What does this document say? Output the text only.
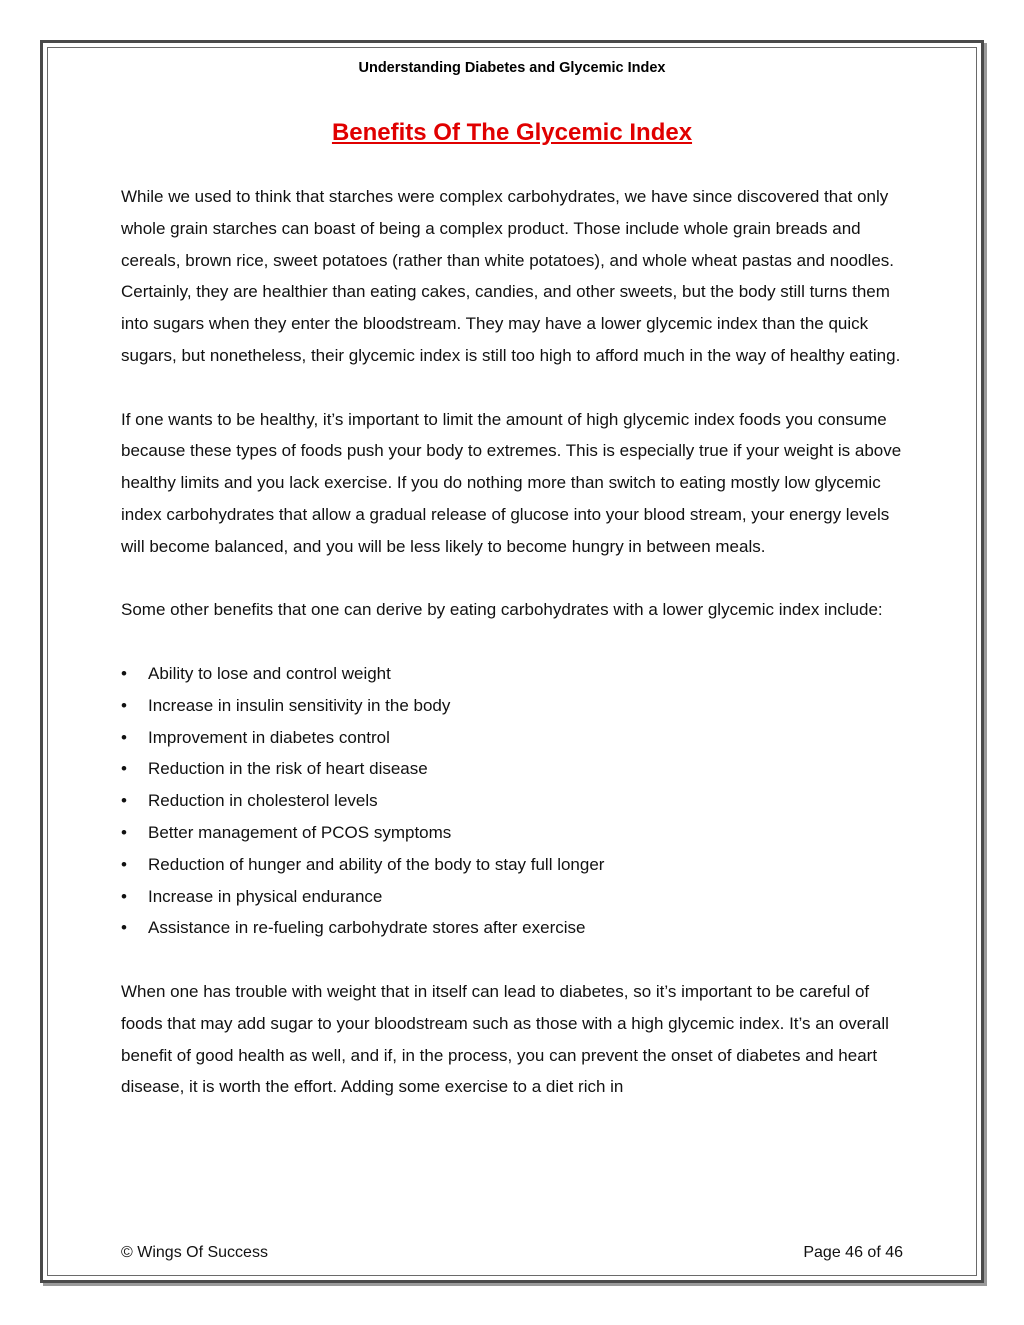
Understanding Diabetes and Glycemic Index
Benefits Of The Glycemic Index

While we used to think that starches were complex carbohydrates, we have since discovered that only whole grain starches can boast of being a complex product. Those include whole grain breads and cereals, brown rice, sweet potatoes (rather than white potatoes), and whole wheat pastas and noodles. Certainly, they are healthier than eating cakes, candies, and other sweets, but the body still turns them into sugars when they enter the bloodstream. They may have a lower glycemic index than the quick sugars, but nonetheless, their glycemic index is still too high to afford much in the way of healthy eating.

If one wants to be healthy, it’s important to limit the amount of high glycemic index foods you consume because these types of foods push your body to extremes. This is especially true if your weight is above healthy limits and you lack exercise. If you do nothing more than switch to eating mostly low glycemic index carbohydrates that allow a gradual release of glucose into your blood stream, your energy levels will become balanced, and you will be less likely to become hungry in between meals.

Some other benefits that one can derive by eating carbohydrates with a lower glycemic index include:

• Ability to lose and control weight
• Increase in insulin sensitivity in the body
• Improvement in diabetes control
• Reduction in the risk of heart disease
• Reduction in cholesterol levels
• Better management of PCOS symptoms
• Reduction of hunger and ability of the body to stay full longer
• Increase in physical endurance
• Assistance in re-fueling carbohydrate stores after exercise

When one has trouble with weight that in itself can lead to diabetes, so it’s important to be careful of foods that may add sugar to your bloodstream such as those with a high glycemic index. It’s an overall benefit of good health as well, and if, in the process, you can prevent the onset of diabetes and heart disease, it is worth the effort. Adding some exercise to a diet rich in

© Wings Of Success	Page 46 of 46
